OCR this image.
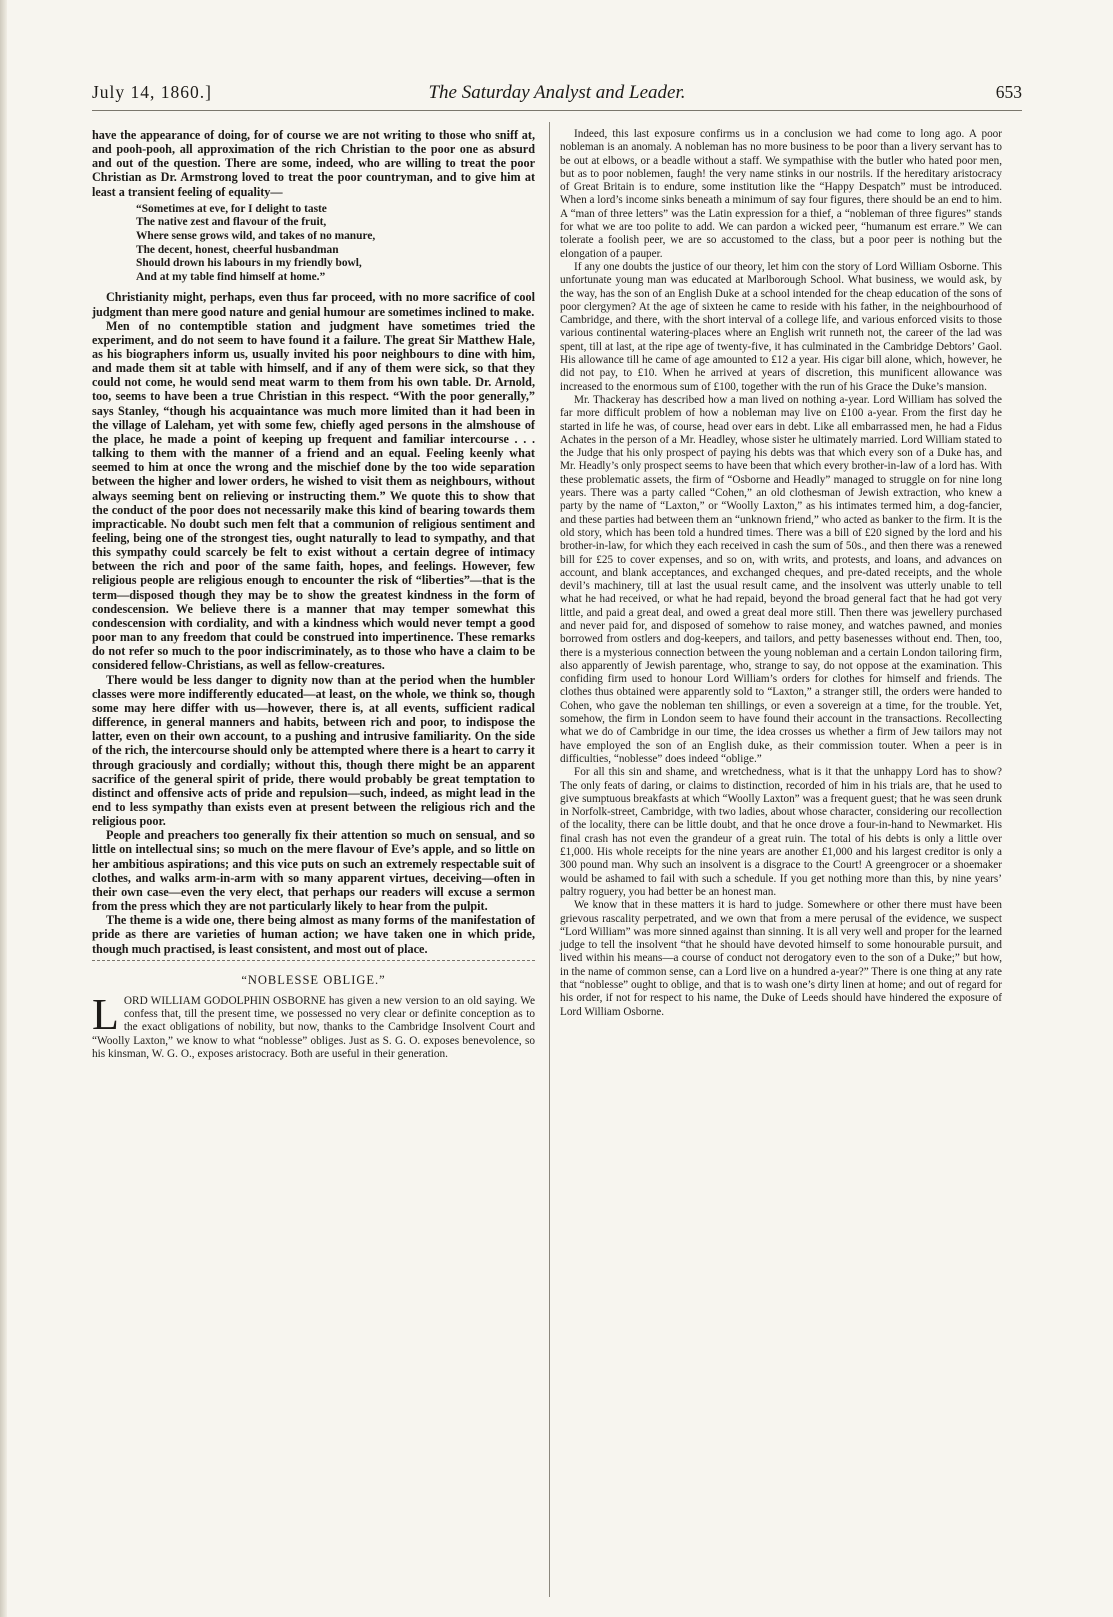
July 14, 1860.]	The Saturday Analyst and Leader.	653

have the appearance of doing, for of course we are not writing to those who sniff at, and pooh-pooh, all approximation of the rich Christian to the poor one as absurd and out of the question. There are some, indeed, who are willing to treat the poor Christian as Dr. Armstrong loved to treat the poor countryman, and to give him at least a transient feeling of equality—

“Sometimes at eve, for I delight to taste
The native zest and flavour of the fruit,
Where sense grows wild, and takes of no manure,
The decent, honest, cheerful husbandman
Should drown his labours in my friendly bowl,
And at my table find himself at home.”

Christianity might, perhaps, even thus far proceed, with no more sacrifice of cool judgment than mere good nature and genial humour are sometimes inclined to make.

Men of no contemptible station and judgment have sometimes tried the experiment, and do not seem to have found it a failure. The great Sir Matthew Hale, as his biographers inform us, usually invited his poor neighbours to dine with him, and made them sit at table with himself, and if any of them were sick, so that they could not come, he would send meat warm to them from his own table. Dr. Arnold, too, seems to have been a true Christian in this respect. “With the poor generally,” says Stanley, “though his acquaintance was much more limited than it had been in the village of Laleham, yet with some few, chiefly aged persons in the almshouse of the place, he made a point of keeping up frequent and familiar intercourse . . . talking to them with the manner of a friend and an equal. Feeling keenly what seemed to him at once the wrong and the mischief done by the too wide separation between the higher and lower orders, he wished to visit them as neighbours, without always seeming bent on relieving or instructing them.” We quote this to show that the conduct of the poor does not necessarily make this kind of bearing towards them impracticable. No doubt such men felt that a communion of religious sentiment and feeling, being one of the strongest ties, ought naturally to lead to sympathy, and that this sympathy could scarcely be felt to exist without a certain degree of intimacy between the rich and poor of the same faith, hopes, and feelings. However, few religious people are religious enough to encounter the risk of “liberties”—that is the term—disposed though they may be to show the greatest kindness in the form of condescension. We believe there is a manner that may temper somewhat this condescension with cordiality, and with a kindness which would never tempt a good poor man to any freedom that could be construed into impertinence. These remarks do not refer so much to the poor indiscriminately, as to those who have a claim to be considered fellow-Christians, as well as fellow-creatures.

There would be less danger to dignity now than at the period when the humbler classes were more indifferently educated—at least, on the whole, we think so, though some may here differ with us—however, there is, at all events, sufficient radical difference, in general manners and habits, between rich and poor, to indispose the latter, even on their own account, to a pushing and intrusive familiarity. On the side of the rich, the intercourse should only be attempted where there is a heart to carry it through graciously and cordially; without this, though there might be an apparent sacrifice of the general spirit of pride, there would probably be great temptation to distinct and offensive acts of pride and repulsion—such, indeed, as might lead in the end to less sympathy than exists even at present between the religious rich and the religious poor.

People and preachers too generally fix their attention so much on sensual, and so little on intellectual sins; so much on the mere flavour of Eve’s apple, and so little on her ambitious aspirations; and this vice puts on such an extremely respectable suit of clothes, and walks arm-in-arm with so many apparent virtues, deceiving—often in their own case—even the very elect, that perhaps our readers will excuse a sermon from the press which they are not particularly likely to hear from the pulpit.

The theme is a wide one, there being almost as many forms of the manifestation of pride as there are varieties of human action; we have taken one in which pride, though much practised, is least consistent, and most out of place.

“NOBLESSE OBLIGE.”

LORD WILLIAM GODOLPHIN OSBORNE has given a new version to an old saying. We confess that, till the present time, we possessed no very clear or definite conception as to the exact obligations of nobility, but now, thanks to the Cambridge Insolvent Court and “Woolly Laxton,” we know to what “noblesse” obliges. Just as S. G. O. exposes benevolence, so his kinsman, W. G. O., exposes aristocracy. Both are useful in their generation.

Indeed, this last exposure confirms us in a conclusion we had come to long ago. A poor nobleman is an anomaly. A nobleman has no more business to be poor than a livery servant has to be out at elbows, or a beadle without a staff. We sympathise with the butler who hated poor men, but as to poor noblemen, faugh! the very name stinks in our nostrils. If the hereditary aristocracy of Great Britain is to endure, some institution like the “Happy Despatch” must be introduced. When a lord’s income sinks beneath a minimum of say four figures, there should be an end to him. A “man of three letters” was the Latin expression for a thief, a “nobleman of three figures” stands for what we are too polite to add. We can pardon a wicked peer, “humanum est errare.” We can tolerate a foolish peer, we are so accustomed to the class, but a poor peer is nothing but the elongation of a pauper.

If any one doubts the justice of our theory, let him con the story of Lord William Osborne. This unfortunate young man was educated at Marlborough School. What business, we would ask, by the way, has the son of an English Duke at a school intended for the cheap education of the sons of poor clergymen? At the age of sixteen he came to reside with his father, in the neighbourhood of Cambridge, and there, with the short interval of a college life, and various enforced visits to those various continental watering-places where an English writ runneth not, the career of the lad was spent, till at last, at the ripe age of twenty-five, it has culminated in the Cambridge Debtors’ Gaol. His allowance till he came of age amounted to £12 a year. His cigar bill alone, which, however, he did not pay, to £10. When he arrived at years of discretion, this munificent allowance was increased to the enormous sum of £100, together with the run of his Grace the Duke’s mansion.

Mr. Thackeray has described how a man lived on nothing a-year. Lord William has solved the far more difficult problem of how a nobleman may live on £100 a-year. From the first day he started in life he was, of course, head over ears in debt. Like all embarrassed men, he had a Fidus Achates in the person of a Mr. Headley, whose sister he ultimately married. Lord William stated to the Judge that his only prospect of paying his debts was that which every son of a Duke has, and Mr. Headly’s only prospect seems to have been that which every brother-in-law of a lord has. With these problematic assets, the firm of “Osborne and Headly” managed to struggle on for nine long years. There was a party called “Cohen,” an old clothesman of Jewish extraction, who knew a party by the name of “Laxton,” or “Woolly Laxton,” as his intimates termed him, a dog-fancier, and these parties had between them an “unknown friend,” who acted as banker to the firm. It is the old story, which has been told a hundred times. There was a bill of £20 signed by the lord and his brother-in-law, for which they each received in cash the sum of 50s., and then there was a renewed bill for £25 to cover expenses, and so on, with writs, and protests, and loans, and advances on account, and blank acceptances, and exchanged cheques, and pre-dated receipts, and the whole devil’s machinery, till at last the usual result came, and the insolvent was utterly unable to tell what he had received, or what he had repaid, beyond the broad general fact that he had got very little, and paid a great deal, and owed a great deal more still. Then there was jewellery purchased and never paid for, and disposed of somehow to raise money, and watches pawned, and monies borrowed from ostlers and dog-keepers, and tailors, and petty basenesses without end. Then, too, there is a mysterious connection between the young nobleman and a certain London tailoring firm, also apparently of Jewish parentage, who, strange to say, do not oppose at the examination. This confiding firm used to honour Lord William’s orders for clothes for himself and friends. The clothes thus obtained were apparently sold to “Laxton,” a stranger still, the orders were handed to Cohen, who gave the nobleman ten shillings, or even a sovereign at a time, for the trouble. Yet, somehow, the firm in London seem to have found their account in the transactions. Recollecting what we do of Cambridge in our time, the idea crosses us whether a firm of Jew tailors may not have employed the son of an English duke, as their commission touter. When a peer is in difficulties, “noblesse” does indeed “oblige.”

For all this sin and shame, and wretchedness, what is it that the unhappy Lord has to show? The only feats of daring, or claims to distinction, recorded of him in his trials are, that he used to give sumptuous breakfasts at which “Woolly Laxton” was a frequent guest; that he was seen drunk in Norfolk-street, Cambridge, with two ladies, about whose character, considering our recollection of the locality, there can be little doubt, and that he once drove a four-in-hand to Newmarket. His final crash has not even the grandeur of a great ruin. The total of his debts is only a little over £1,000. His whole receipts for the nine years are another £1,000 and his largest creditor is only a 300 pound man. Why such an insolvent is a disgrace to the Court! A greengrocer or a shoemaker would be ashamed to fail with such a schedule. If you get nothing more than this, by nine years’ paltry roguery, you had better be an honest man.

We know that in these matters it is hard to judge. Somewhere or other there must have been grievous rascality perpetrated, and we own that from a mere perusal of the evidence, we suspect “Lord William” was more sinned against than sinning. It is all very well and proper for the learned judge to tell the insolvent “that he should have devoted himself to some honourable pursuit, and lived within his means—a course of conduct not derogatory even to the son of a Duke;” but how, in the name of common sense, can a Lord live on a hundred a-year?” There is one thing at any rate that “noblesse” ought to oblige, and that is to wash one’s dirty linen at home; and out of regard for his order, if not for respect to his name, the Duke of Leeds should have hindered the exposure of Lord William Osborne.
